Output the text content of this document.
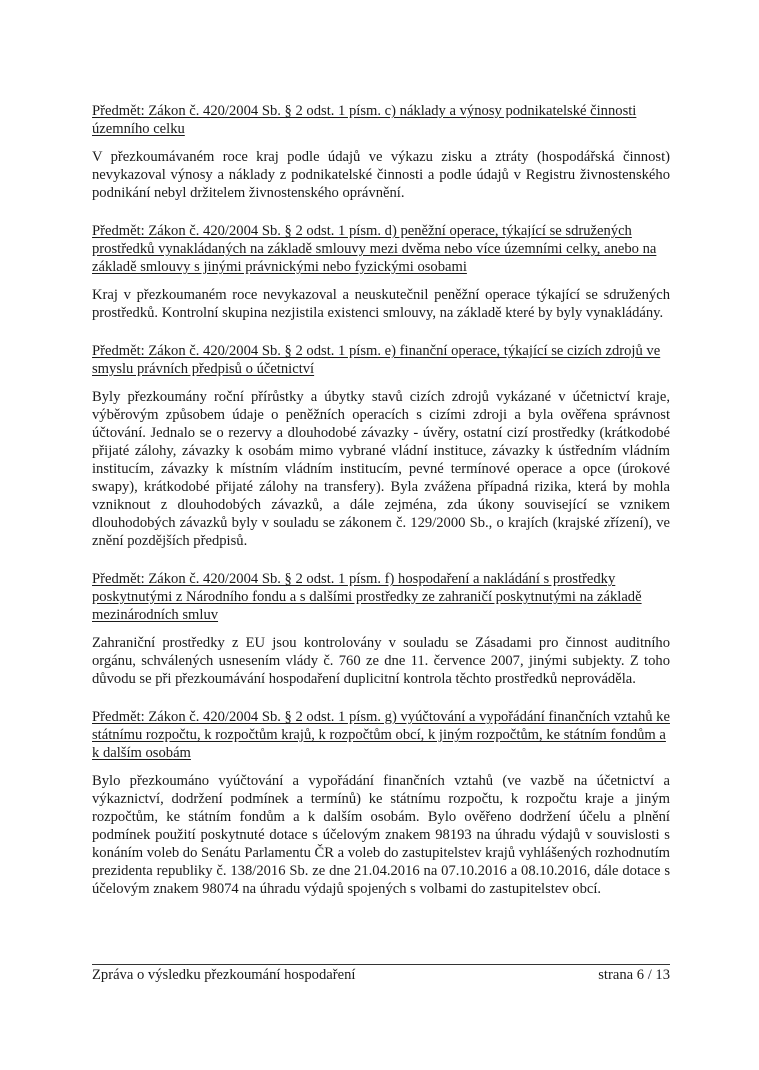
Předmět: Zákon č. 420/2004 Sb. § 2 odst. 1 písm. c) náklady a výnosy podnikatelské činnosti územního celku

V přezkoumávaném roce kraj podle údajů ve výkazu zisku a ztráty (hospodářská činnost) nevykazoval výnosy a náklady z podnikatelské činnosti a podle údajů v Registru živnostenského podnikání nebyl držitelem živnostenského oprávnění.

Předmět: Zákon č. 420/2004 Sb. § 2 odst. 1 písm. d) peněžní operace, týkající se sdružených prostředků vynakládaných na základě smlouvy mezi dvěma nebo více územními celky, anebo na základě smlouvy s jinými právnickými nebo fyzickými osobami

Kraj v přezkoumaném roce nevykazoval a neuskutečnil peněžní operace týkající se sdružených prostředků. Kontrolní skupina nezjistila existenci smlouvy, na základě které by byly vynakládány.

Předmět: Zákon č. 420/2004 Sb. § 2 odst. 1 písm. e) finanční operace, týkající se cizích zdrojů ve smyslu právních předpisů o účetnictví

Byly přezkoumány roční přírůstky a úbytky stavů cizích zdrojů vykázané v účetnictví kraje, výběrovým způsobem údaje o peněžních operacích s cizími zdroji a byla ověřena správnost účtování. Jednalo se o rezervy a dlouhodobé závazky - úvěry, ostatní cizí prostředky (krátkodobé přijaté zálohy, závazky k osobám mimo vybrané vládní instituce, závazky k ústředním vládním institucím, závazky k místním vládním institucím, pevné termínové operace a opce (úrokové swapy), krátkodobé přijaté zálohy na transfery). Byla zvážena případná rizika, která by mohla vzniknout z dlouhodobých závazků, a dále zejména, zda úkony související se vznikem dlouhodobých závazků byly v souladu se zákonem č. 129/2000 Sb., o krajích (krajské zřízení), ve znění pozdějších předpisů.

Předmět: Zákon č. 420/2004 Sb. § 2 odst. 1 písm. f) hospodaření a nakládání s prostředky poskytnutými z Národního fondu a s dalšími prostředky ze zahraničí poskytnutými na základě mezinárodních smluv

Zahraniční prostředky z EU jsou kontrolovány v souladu se Zásadami pro činnost auditního orgánu, schválených usnesením vlády č. 760 ze dne 11. července 2007, jinými subjekty. Z toho důvodu se při přezkoumávání hospodaření duplicitní kontrola těchto prostředků neprováděla.

Předmět: Zákon č. 420/2004 Sb. § 2 odst. 1 písm. g) vyúčtování a vypořádání finančních vztahů ke státnímu rozpočtu, k rozpočtům krajů, k rozpočtům obcí, k jiným rozpočtům, ke státním fondům a k dalším osobám

Bylo přezkoumáno vyúčtování a vypořádání finančních vztahů (ve vazbě na účetnictví a výkaznictví, dodržení podmínek a termínů) ke státnímu rozpočtu, k rozpočtu kraje a jiným rozpočtům, ke státním fondům a k dalším osobám. Bylo ověřeno dodržení účelu a plnění podmínek použití poskytnuté dotace s účelovým znakem 98193 na úhradu výdajů v souvislosti s konáním voleb do Senátu Parlamentu ČR a voleb do zastupitelstev krajů vyhlášených rozhodnutím prezidenta republiky č. 138/2016 Sb. ze dne 21.04.2016 na 07.10.2016 a 08.10.2016, dále dotace s účelovým znakem 98074 na úhradu výdajů spojených s volbami do zastupitelstev obcí.

Zpráva o výsledku přezkoumání hospodaření	strana 6 / 13
